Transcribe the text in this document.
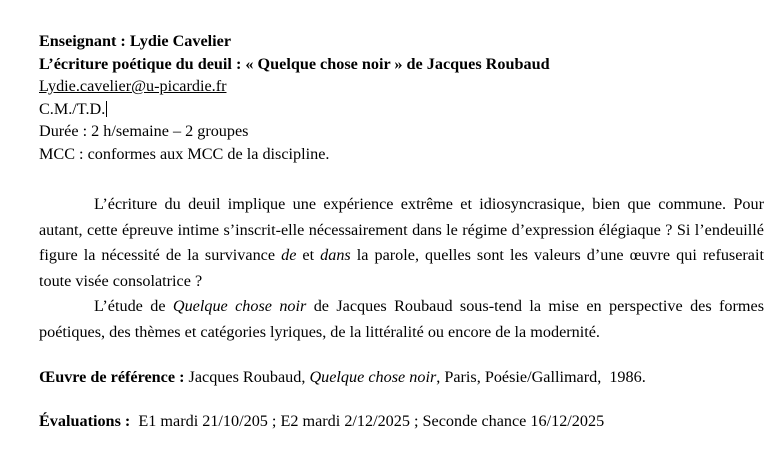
Enseignant : Lydie Cavelier
L’écriture poétique du deuil : « Quelque chose noir » de Jacques Roubaud
Lydie.cavelier@u-picardie.fr
C.M./T.D.
Durée : 2 h/semaine – 2 groupes
MCC : conformes aux MCC de la discipline.

L’écriture du deuil implique une expérience extrême et idiosyncrasique, bien que commune. Pour autant, cette épreuve intime s’inscrit-elle nécessairement dans le régime d’expression élégiaque ? Si l’endeuillé figure la nécessité de la survivance de et dans la parole, quelles sont les valeurs d’une œuvre qui refuserait toute visée consolatrice ?

L’étude de Quelque chose noir de Jacques Roubaud sous-tend la mise en perspective des formes poétiques, des thèmes et catégories lyriques, de la littéralité ou encore de la modernité.

Œuvre de référence : Jacques Roubaud, Quelque chose noir, Paris, Poésie/Gallimard,  1986.
Évaluations :  E1 mardi 21/10/205 ; E2 mardi 2/12/2025 ; Seconde chance 16/12/2025
